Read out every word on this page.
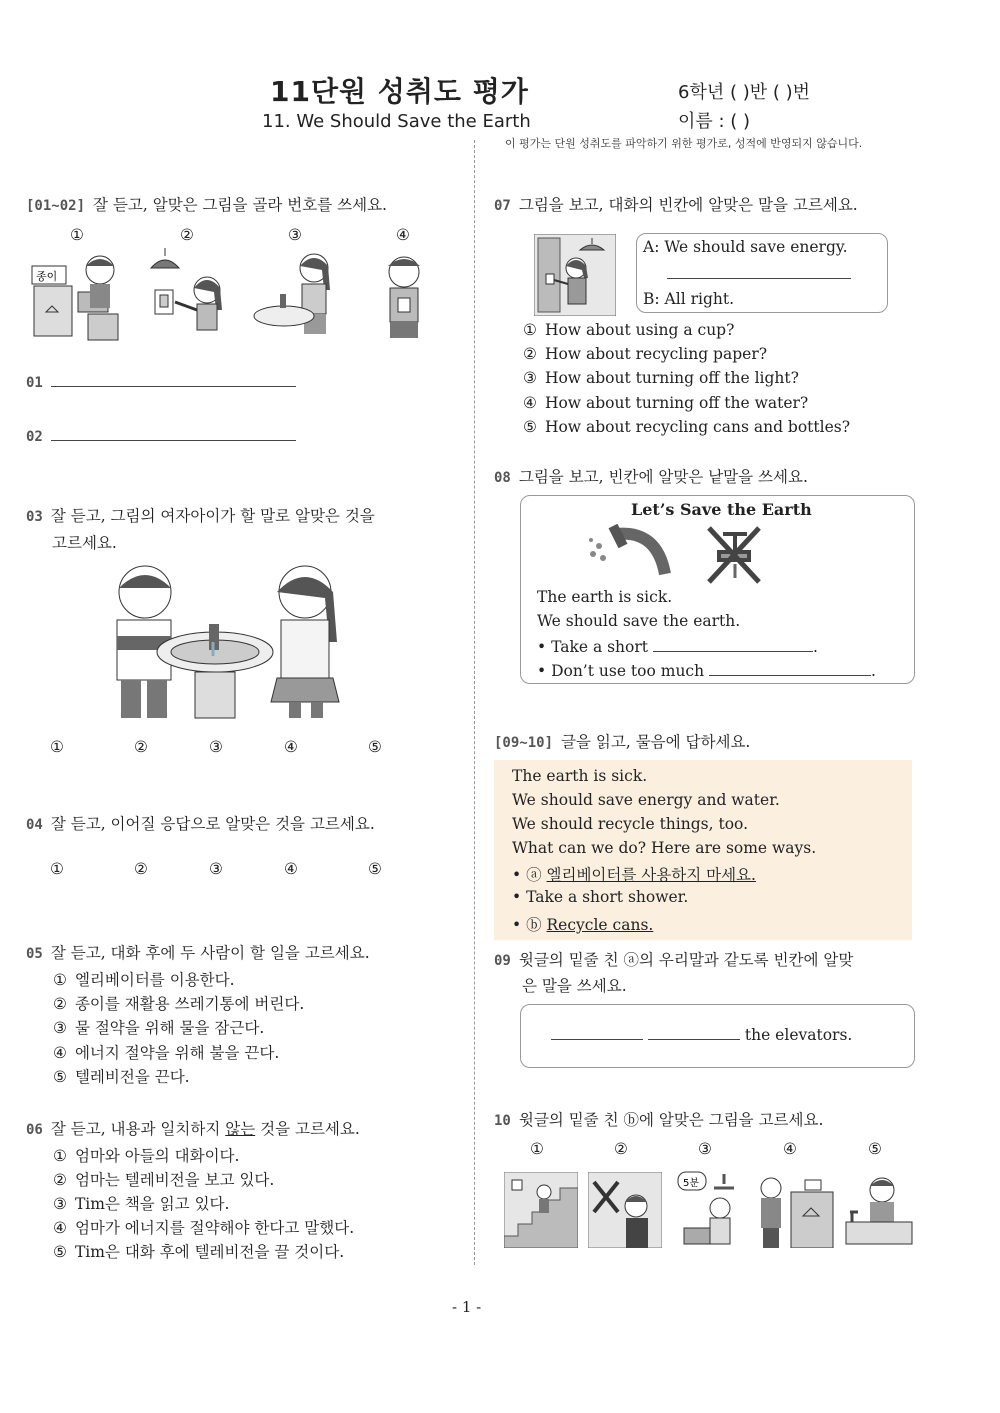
11단원 성취도 평가
11. We Should Save the Earth
6학년 ( )반 ( )번
이름 : ( )
이 평가는 단원 성취도를 파악하기 위한 평가로, 성적에 반영되지 않습니다.
[01~02] 잘 듣고, 알맞은 그림을 골라 번호를 쓰세요.
①	②	③	④
종이
01
02
03 잘 듣고, 그림의 여자아이가 할 말로 알맞은 것을
고르세요.
①	②	③	④	⑤
04 잘 듣고, 이어질 응답으로 알맞은 것을 고르세요.
①	②	③	④	⑤
05 잘 듣고, 대화 후에 두 사람이 할 일을 고르세요.
① 엘리베이터를 이용한다.
② 종이를 재활용 쓰레기통에 버린다.
③ 물 절약을 위해 물을 잠근다.
④ 에너지 절약을 위해 불을 끈다.
⑤ 텔레비전을 끈다.
06 잘 듣고, 내용과 일치하지 않는 것을 고르세요.
① 엄마와 아들의 대화이다.
② 엄마는 텔레비전을 보고 있다.
③ Tim은 책을 읽고 있다.
④ 엄마가 에너지를 절약해야 한다고 말했다.
⑤ Tim은 대화 후에 텔레비전을 끌 것이다.
07 그림을 보고, 대화의 빈칸에 알맞은 말을 고르세요.
A: We should save energy.
B: All right.
① How about using a cup?
② How about recycling paper?
③ How about turning off the light?
④ How about turning off the water?
⑤ How about recycling cans and bottles?
08 그림을 보고, 빈칸에 알맞은 낱말을 쓰세요.
Let’s Save the Earth
The earth is sick.
We should save the earth.
• Take a short	.
• Don’t use too much	.
[09~10] 글을 읽고, 물음에 답하세요.
The earth is sick.
We should save energy and water.
We should recycle things, too.
What can we do? Here are some ways.
• ⓐ 엘리베이터를 사용하지 마세요.
• Take a short shower.
• ⓑ Recycle cans.
09 윗글의 밑줄 친 ⓐ의 우리말과 같도록 빈칸에 알맞
은 말을 쓰세요.
the elevators.
10 윗글의 밑줄 친 ⓑ에 알맞은 그림을 고르세요.
①	②	③	④	⑤
5분
- 1 -
